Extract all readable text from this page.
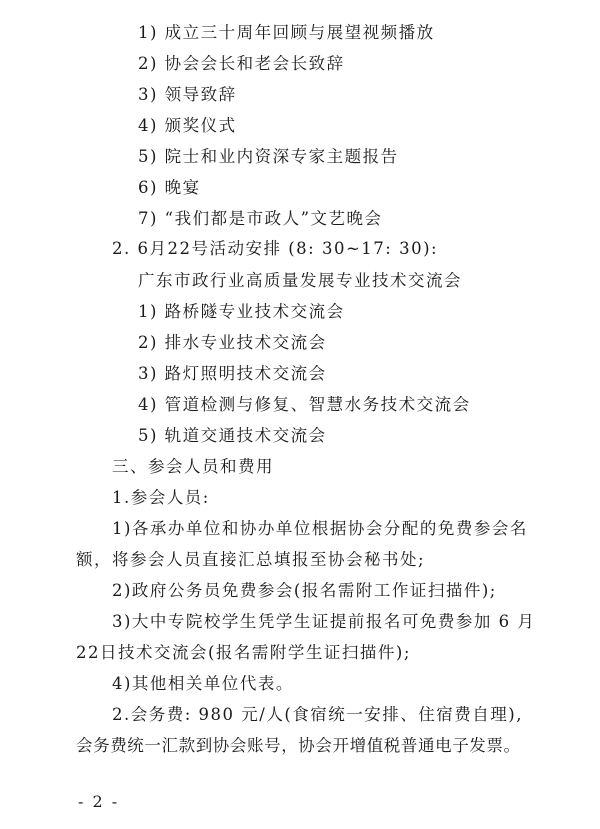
1) 成立三十周年回顾与展望视频播放
2) 协会会长和老会长致辞
3) 领导致辞
4) 颁奖仪式
5) 院士和业内资深专家主题报告
6) 晚宴
7) “我们都是市政人”文艺晚会
2. 6月22号活动安排 (8: 30~17: 30):
广东市政行业高质量发展专业技术交流会
1) 路桥隧专业技术交流会
2) 排水专业技术交流会
3) 路灯照明技术交流会
4) 管道检测与修复、智慧水务技术交流会
5) 轨道交通技术交流会
三、参会人员和费用
1.参会人员:
1)各承办单位和协办单位根据协会分配的免费参会名
额，将参会人员直接汇总填报至协会秘书处;
2)政府公务员免费参会(报名需附工作证扫描件);
3)大中专院校学生凭学生证提前报名可免费参加 6 月
22日技术交流会(报名需附学生证扫描件);
4)其他相关单位代表。
2.会务费: 980 元/人(食宿统一安排、住宿费自理),
会务费统一汇款到协会账号，协会开增值税普通电子发票。
- 2 -
